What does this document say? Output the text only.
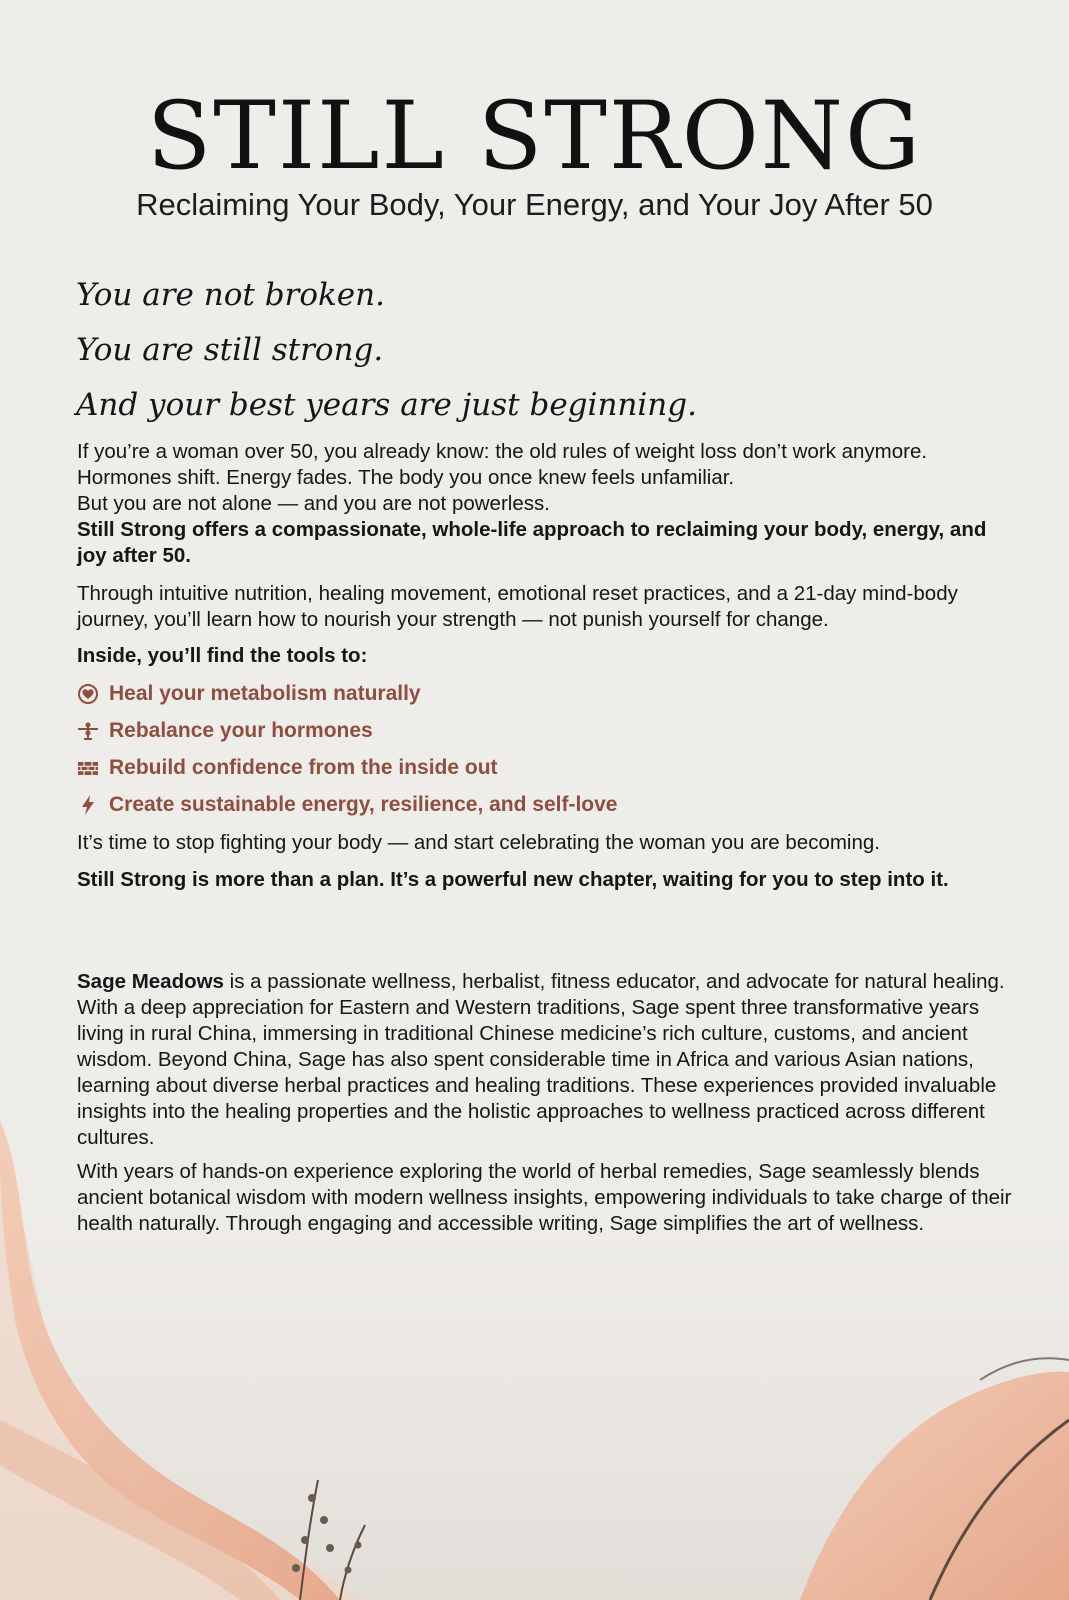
STILL STRONG

Reclaiming Your Body, Your Energy, and Your Joy After 50

You are not broken.

You are still strong.

And your best years are just beginning.

If you’re a woman over 50, you already know: the old rules of weight loss don’t work anymore.

Hormones shift. Energy fades. The body you once knew feels unfamiliar.

But you are not alone — and you are not powerless.

Still Strong offers a compassionate, whole-life approach to reclaiming your body, energy, and joy after 50.

Through intuitive nutrition, healing movement, emotional reset practices, and a 21-day mind-body journey, you’ll learn how to nourish your strength — not punish yourself for change.

Inside, you’ll find the tools to:

Heal your metabolism naturally
Rebalance your hormones
Rebuild confidence from the inside out
Create sustainable energy, resilience, and self-love

It’s time to stop fighting your body — and start celebrating the woman you are becoming.

Still Strong is more than a plan. It’s a powerful new chapter, waiting for you to step into it.

Sage Meadows is a passionate wellness, herbalist, fitness educator, and advocate for natural healing. With a deep appreciation for Eastern and Western traditions, Sage spent three transformative years living in rural China, immersing in traditional Chinese medicine’s rich culture, customs, and ancient wisdom. Beyond China, Sage has also spent considerable time in Africa and various Asian nations, learning about diverse herbal practices and healing traditions. These experiences provided invaluable insights into the healing properties and the holistic approaches to wellness practiced across different cultures.

With years of hands-on experience exploring the world of herbal remedies, Sage seamlessly blends ancient botanical wisdom with modern wellness insights, empowering individuals to take charge of their health naturally. Through engaging and accessible writing, Sage simplifies the art of wellness.
